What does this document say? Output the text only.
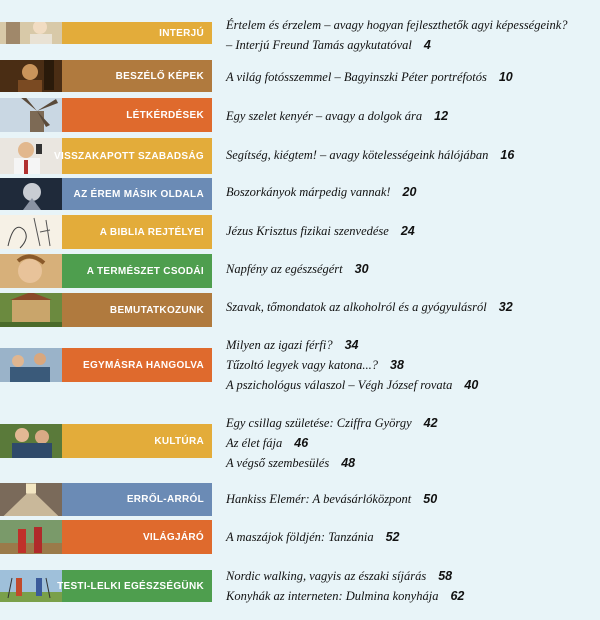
INTERJÚ
Értelem és érzelem – avagy hogyan fejleszthetők agyi képességeink?
– Interjú Freund Tamás agykutatóval 4
BESZÉLŐ KÉPEK A világ fotósszemmel – Bagyinszki Péter portréfotós 10
LÉTKÉRDÉSEK Egy szelet kenyér – avagy a dolgok ára 12
VISSZAKAPOTT SZABADSÁG Segítség, kiégtem! – avagy kötelességeink hálójában 16
AZ ÉREM MÁSIK OLDALA Boszorkányok márpedig vannak! 20
A BIBLIA REJTÉLYEI Jézus Krisztus fizikai szenvedése 24
A TERMÉSZET CSODÁI Napfény az egészségért 30
BEMUTATKOZUNK Szavak, tőmondatok az alkoholról és a gyógyulásról 32
EGYMÁSRA HANGOLVA
Milyen az igazi férfi? 34
Tűzoltó legyek vagy katona...? 38
A pszichológus válaszol – Végh József rovata 40
KULTÚRA
Egy csillag születése: Cziffra György 42
Az élet fája 46
A végső szembesülés 48
ERRŐL-ARRÓL Hankiss Elemér: A bevásárlóközpont 50
VILÁGJÁRÓ A maszájok földjén: Tanzánia 52
TESTI-LELKI EGÉSZSÉGÜNK
Nordic walking, vagyis az északi síjárás 58
Konyhák az interneten: Dulmina konyhája 62
